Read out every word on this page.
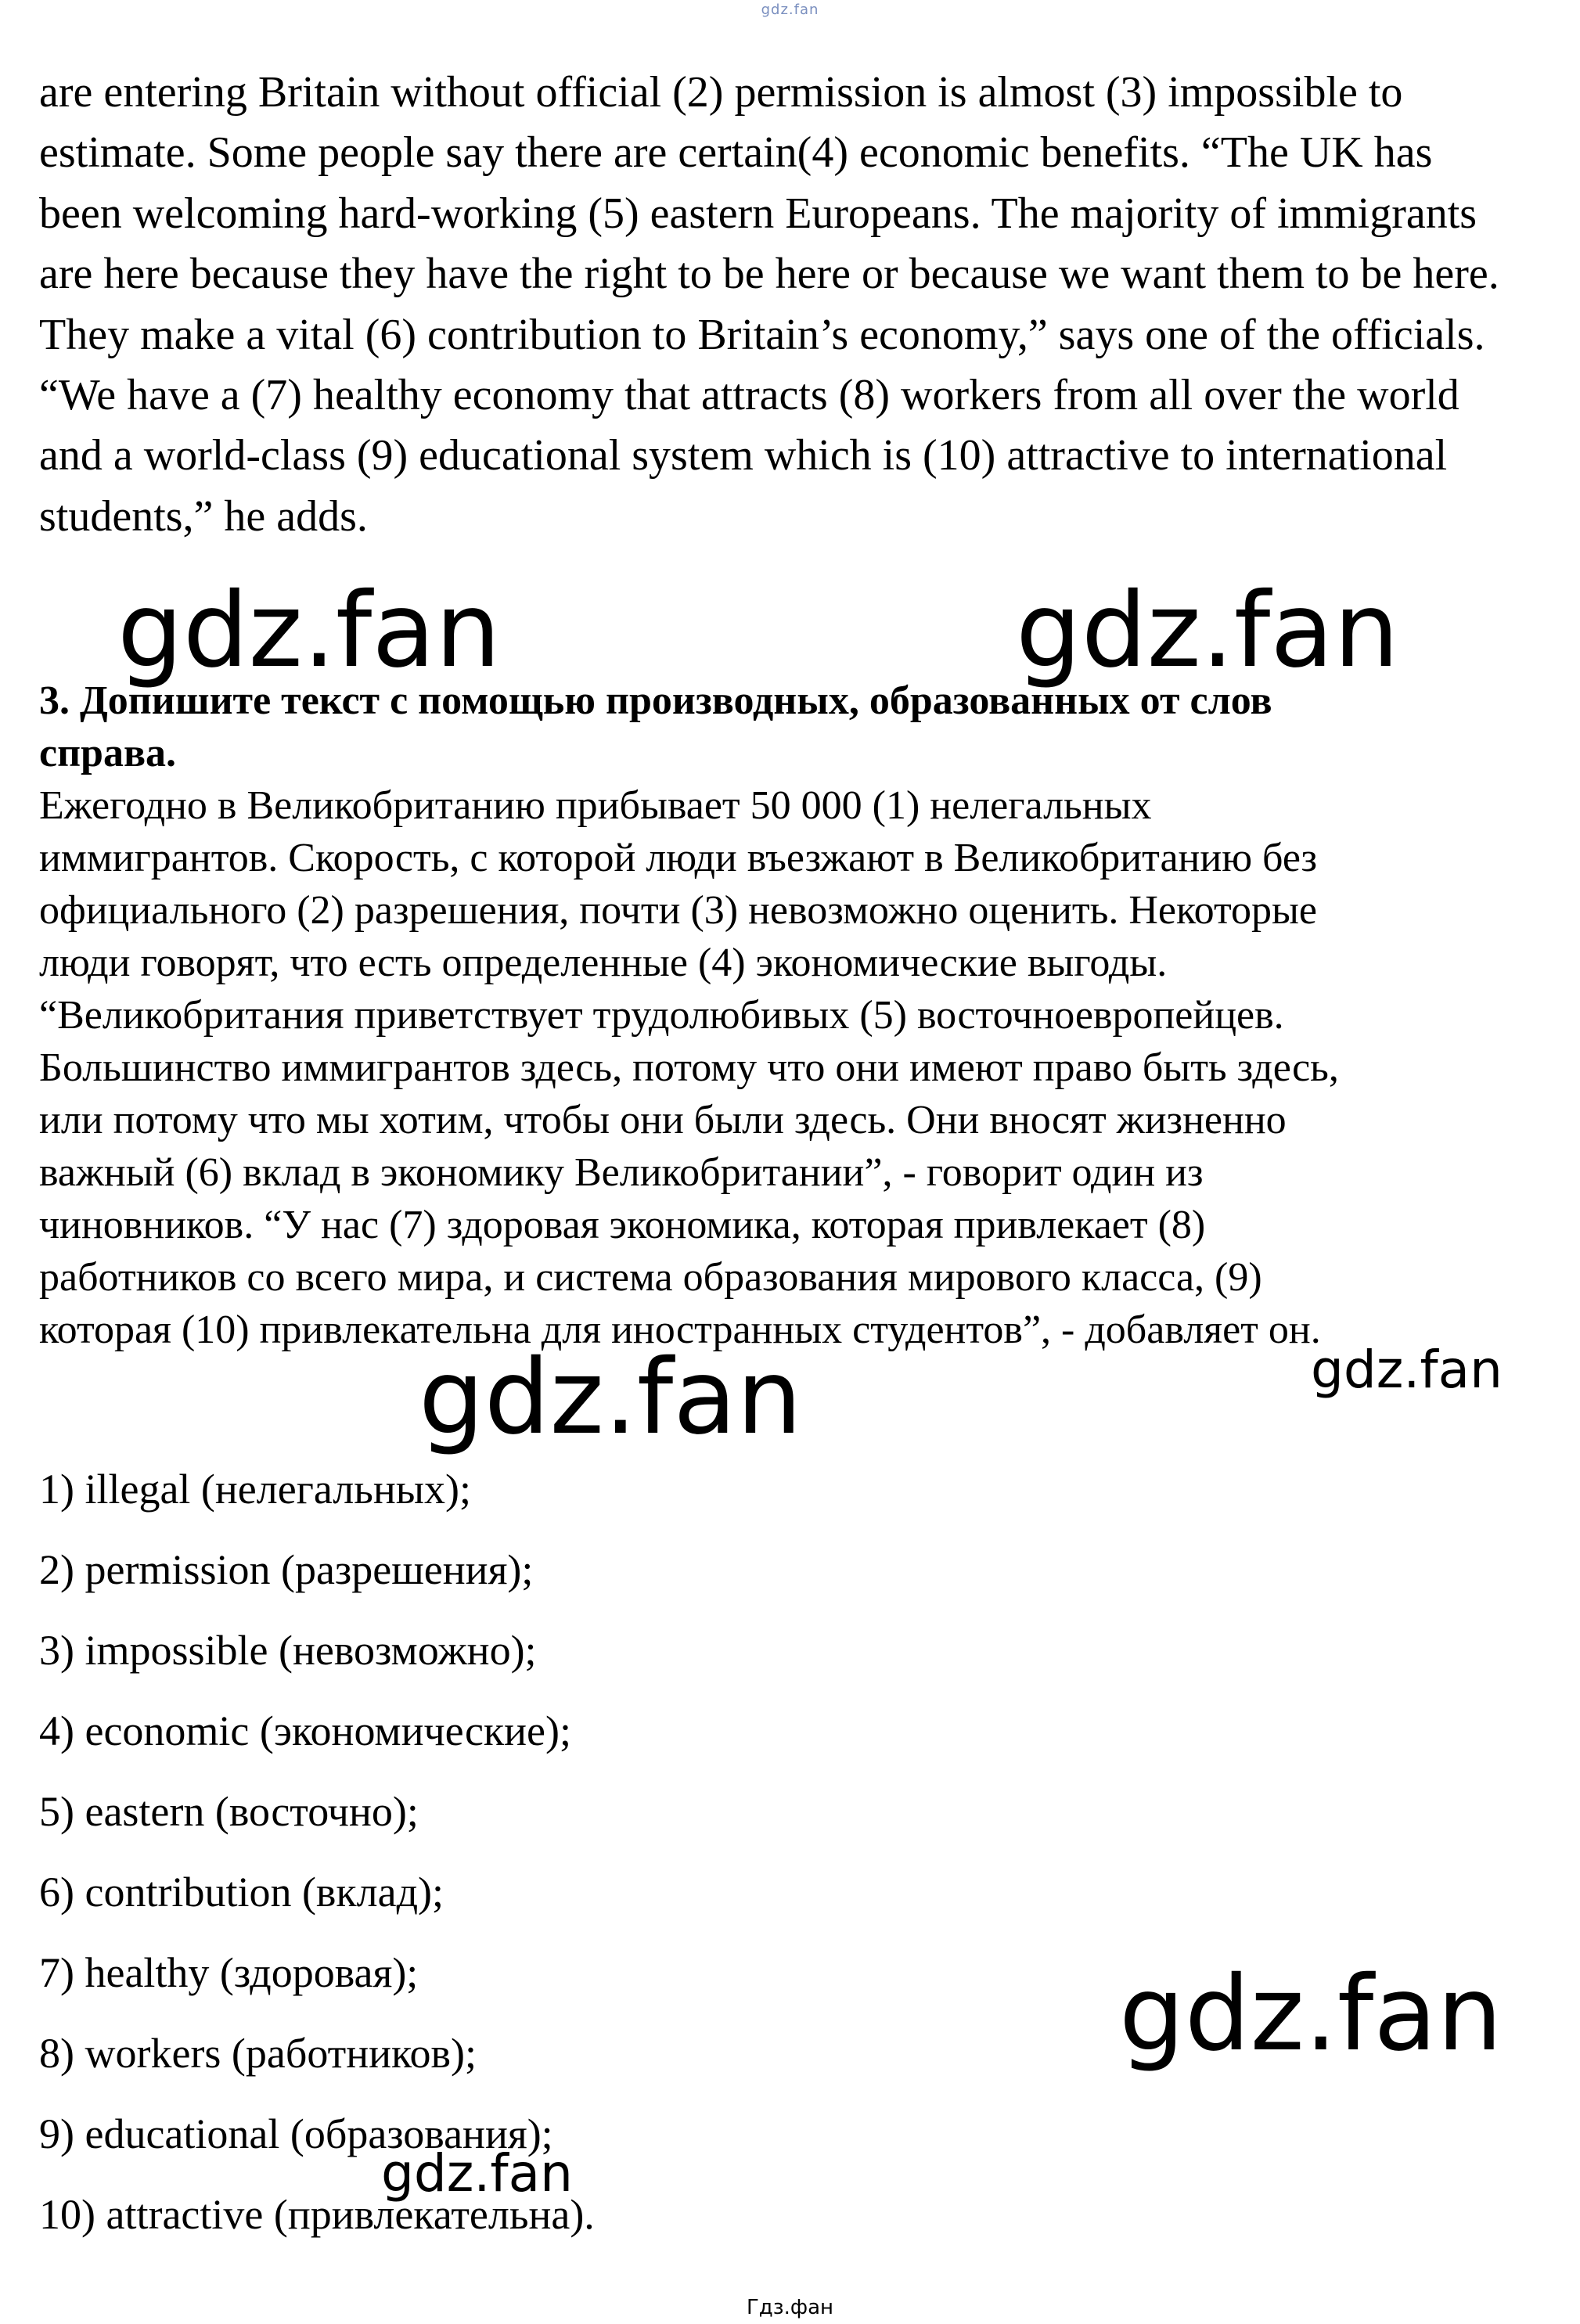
gdz.fan

are entering Britain without official (2) permission is almost (3) impossible to
estimate. Some people say there are certain(4) economic benefits. “The UK has
been welcoming hard-working (5) eastern Europeans. The majority of immigrants
are here because they have the right to be here or because we want them to be here.
They make a vital (6) contribution to Britain’s economy,” says one of the officials.
“We have a (7) healthy economy that attracts (8) workers from all over the world
and a world-class (9) educational system which is (10) attractive to international
students,” he adds.

gdz.fan	gdz.fan

3. Допишите текст с помощью производных, образованных от слов
справа.

Ежегодно в Великобританию прибывает 50 000 (1) нелегальных
иммигрантов. Скорость, с которой люди въезжают в Великобританию без
официального (2) разрешения, почти (3) невозможно оценить. Некоторые
люди говорят, что есть определенные (4) экономические выгоды.
“Великобритания приветствует трудолюбивых (5) восточноевропейцев.
Большинство иммигрантов здесь, потому что они имеют право быть здесь,
или потому что мы хотим, чтобы они были здесь. Они вносят жизненно
важный (6) вклад в экономику Великобритании”, - говорит один из
чиновников. “У нас (7) здоровая экономика, которая привлекает (8)
работников со всего мира, и система образования мирового класса, (9)
которая (10) привлекательна для иностранных студентов”, - добавляет он.

gdz.fan	gdz.fan
1) illegal (нелегальных);
2) permission (разрешения);
3) impossible (невозможно);
4) economic (экономические);
5) eastern (восточно);
6) contribution (вклад);
7) healthy (здоровая);
8) workers (работников);
9) educational (образования);
10) attractive (привлекательна).
gdz.fan
gdz.fan
Гдз.фан
